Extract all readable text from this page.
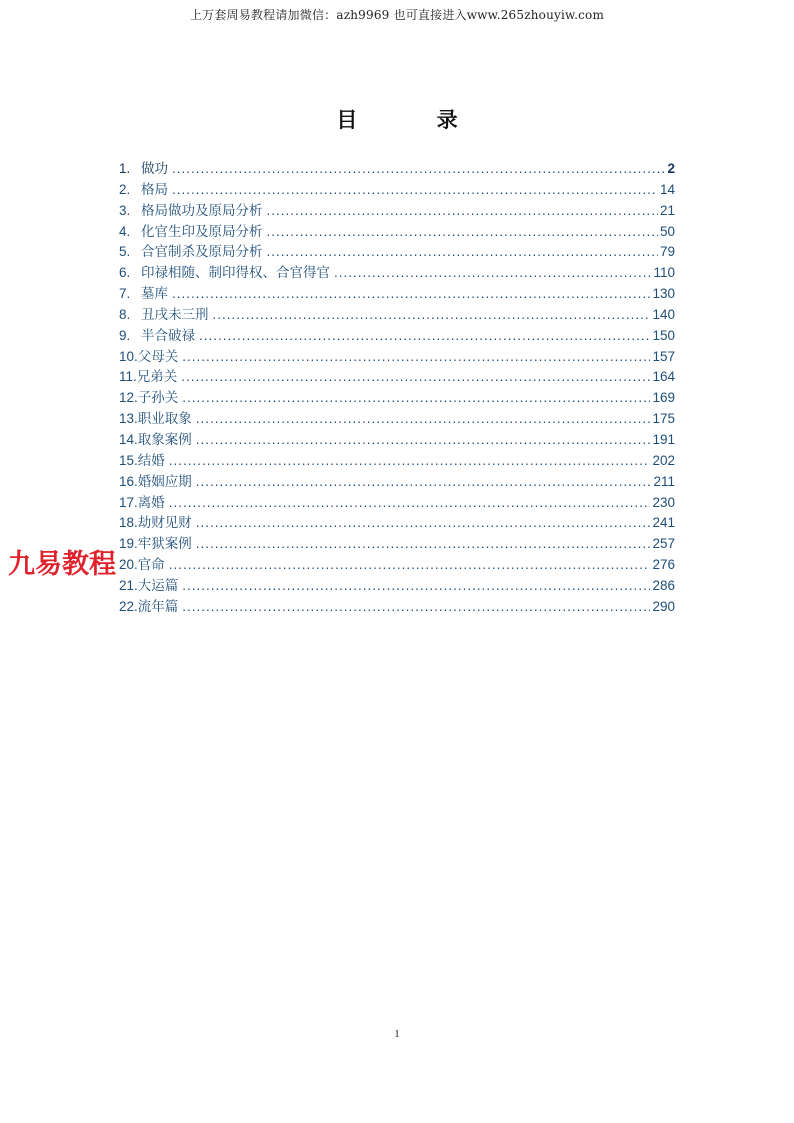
上万套周易教程请加微信：azh9969 也可直接进入www.265zhouyiw.com
目 录
1. 做功 .....	2
2. 格局 .....	14
3. 格局做功及原局分析 .....	21
4. 化官生印及原局分析 .....	50
5. 合官制杀及原局分析 .....	79
6. 印禄相随、制印得权、合官得官 .....	110
7. 墓库 .....	130
8. 丑戌未三刑 .....	140
9. 半合破禄 .....	150
10. 父母关 .....	157
11. 兄弟关 .....	164
12. 子孙关 .....	169
13. 职业取象 .....	175
14. 取象案例 .....	191
15. 结婚 .....	202
16. 婚姻应期 .....	211
17. 离婚 .....	230
18. 劫财见财 .....	241
19. 牢狱案例 .....	257
20. 官命 .....	276
21. 大运篇 .....	286
22. 流年篇 .....	290
九易教程
1
